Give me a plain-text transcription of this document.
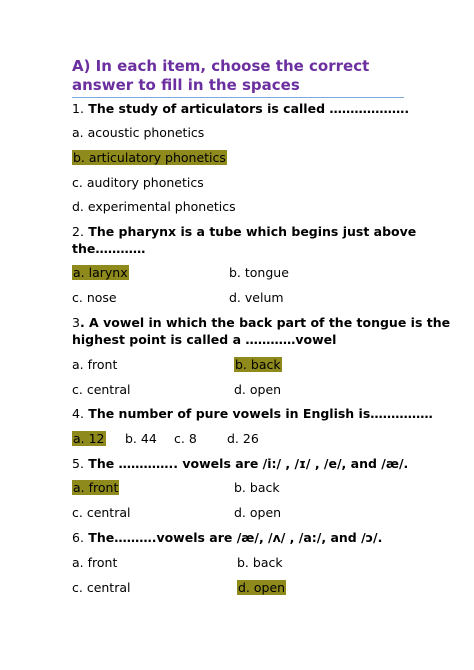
A) In each item, choose the correct answer to fill in the spaces
1. The study of articulators is called ……………….
a. acoustic phonetics
b. articulatory phonetics
c. auditory phonetics
d. experimental phonetics
2. The pharynx is a tube which begins just above
the…………
a. larynx	b. tongue
c. nose	d. velum
3. A vowel in which the back part of the tongue is the
highest point is called a …………vowel
a. front	b. back
c. central	d. open
4. The number of pure vowels in English is……………
a. 12 b. 44 c. 8 d. 26
5. The ………….. vowels are /i:/ , /ɪ/ , /e/, and /æ/.
a. front	b. back
c. central	d. open
6. The……….vowels are /æ/, /ʌ/ , /a:/, and /ɔ/.
a. front	b. back
c. central	d. open
